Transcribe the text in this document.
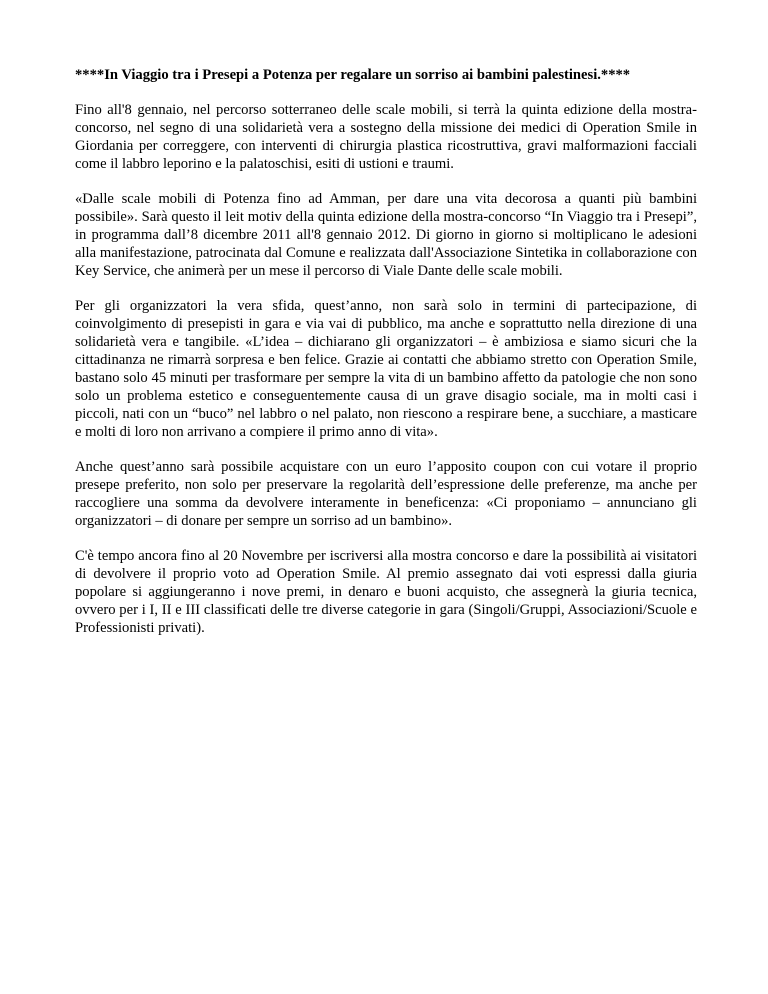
****In Viaggio tra i Presepi a Potenza per regalare un sorriso ai bambini palestinesi.****

Fino all'8 gennaio, nel percorso sotterraneo delle scale mobili, si terrà la quinta edizione della mostra-concorso, nel segno di una solidarietà vera a sostegno della missione dei medici di Operation Smile in Giordania per correggere, con interventi di chirurgia plastica ricostruttiva, gravi malformazioni facciali come il labbro leporino e la palatoschisi, esiti di ustioni e traumi.

«Dalle scale mobili di Potenza fino ad Amman, per dare una vita decorosa a quanti più bambini possibile». Sarà questo il leit motiv della quinta edizione della mostra-concorso “In Viaggio tra i Presepi”, in programma dall’8 dicembre 2011 all'8 gennaio 2012. Di giorno in giorno si moltiplicano le adesioni alla manifestazione, patrocinata dal Comune e realizzata dall'Associazione Sintetika in collaborazione con Key Service, che animerà per un mese il percorso di Viale Dante delle scale mobili.

Per gli organizzatori la vera sfida, quest’anno, non sarà solo in termini di partecipazione, di coinvolgimento di presepisti in gara e via vai di pubblico, ma anche e soprattutto nella direzione di una solidarietà vera e tangibile. «L’idea – dichiarano gli organizzatori – è ambiziosa e siamo sicuri che la cittadinanza ne rimarrà sorpresa e ben felice. Grazie ai contatti che abbiamo stretto con Operation Smile, bastano solo 45 minuti per trasformare per sempre la vita di un bambino affetto da patologie che non sono solo un problema estetico e conseguentemente causa di un grave disagio sociale, ma in molti casi i piccoli, nati con un “buco” nel labbro o nel palato, non riescono a respirare bene, a succhiare, a masticare e molti di loro non arrivano a compiere il primo anno di vita».

Anche quest’anno sarà possibile acquistare con un euro l’apposito coupon con cui votare il proprio presepe preferito, non solo per preservare la regolarità dell’espressione delle preferenze, ma anche per raccogliere una somma da devolvere interamente in beneficenza: «Ci proponiamo – annunciano gli organizzatori – di donare per sempre un sorriso ad un bambino».

C'è tempo ancora fino al 20 Novembre per iscriversi alla mostra concorso e dare la possibilità ai visitatori di devolvere il proprio voto ad Operation Smile. Al premio assegnato dai voti espressi dalla giuria popolare si aggiungeranno i nove premi, in denaro e buoni acquisto, che assegnerà la giuria tecnica, ovvero per i I, II e III classificati delle tre diverse categorie in gara (Singoli/Gruppi, Associazioni/Scuole e Professionisti privati).
